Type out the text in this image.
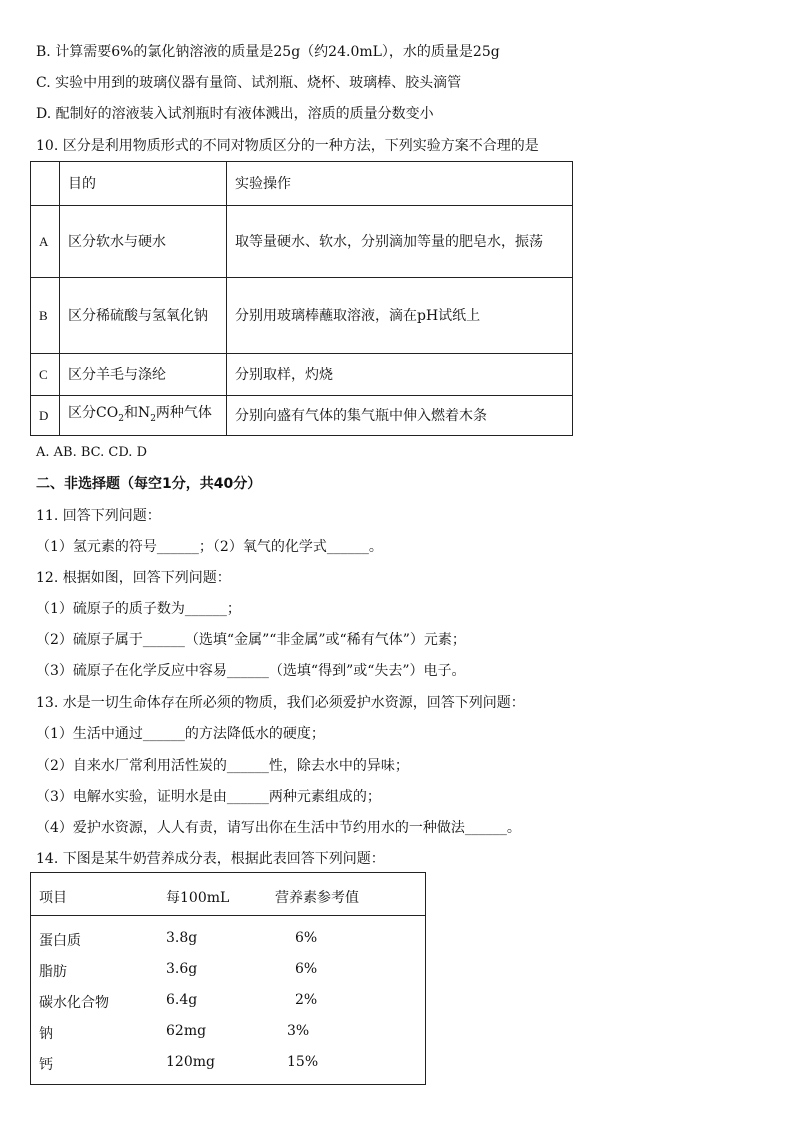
B. 计算需要6%的氯化钠溶液的质量是25g（约24.0mL），水的质量是25g
C. 实验中用到的玻璃仪器有量筒、试剂瓶、烧杯、玻璃棒、胶头滴管
D. 配制好的溶液装入试剂瓶时有液体溅出，溶质的质量分数变小
10. 区分是利用物质形式的不同对物质区分的一种方法，下列实验方案不合理的是
	目的	实验操作
A	区分软水与硬水	取等量硬水、软水，分别滴加等量的肥皂水，振荡

B	区分稀硫酸与氢氧化钠	分别用玻璃棒蘸取溶液，滴在pH试纸上
C	区分羊毛与涤纶	分别取样，灼烧
D	区分$CO_2$和$N_2$两种气体	分别向盛有气体的集气瓶中伸入燃着木条
A. AB. BC. CD. D
二、非选择题（每空1分，共40分）
11. 回答下列问题：
（1）氢元素的符号______；（2）氧气的化学式______。
12. 根据如图，回答下列问题：
（1）硫原子的质子数为______；
（2）硫原子属于______（选填“金属”“非金属”或“稀有气体”）元素；
（3）硫原子在化学反应中容易______（选填“得到”或“失去”）电子。
13. 水是一切生命体存在所必须的物质，我们必须爱护水资源，回答下列问题：
（1）生活中通过______的方法降低水的硬度；
（2）自来水厂常利用活性炭的______性，除去水中的异味；
（3）电解水实验，证明水是由______两种元素组成的；
（4）爱护水资源，人人有责，请写出你在生活中节约用水的一种做法______。
14. 下图是某牛奶营养成分表，根据此表回答下列问题：
项目	每100mL	营养素参考值
蛋白质	3.8g	6%
脂肪	3.6g	6%
碳水化合物	6.4g	2%
钠	62mg	3%
钙	120mg	15%
